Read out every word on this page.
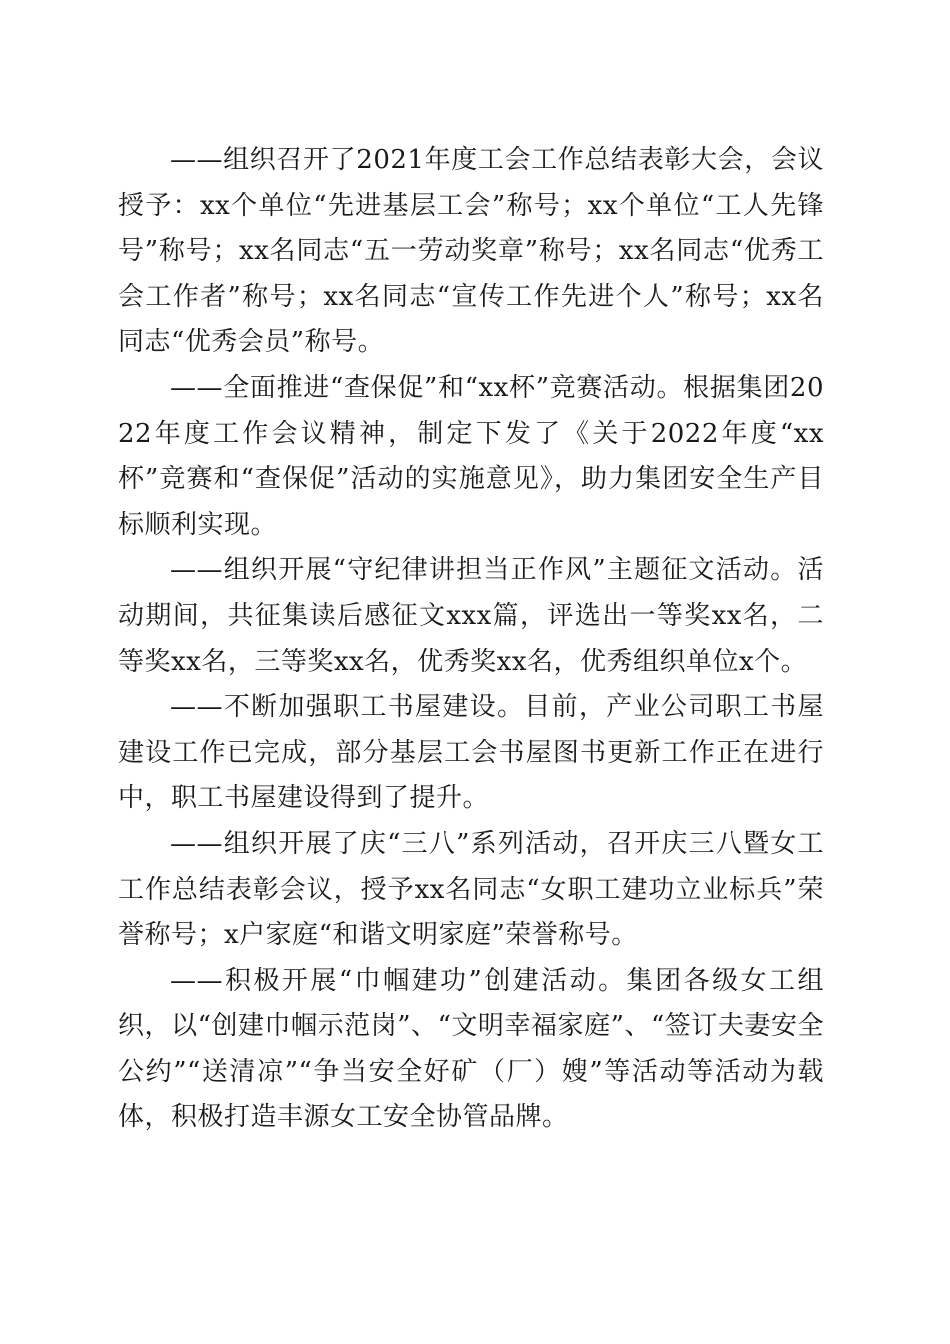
——组织召开了2021年度工会工作总结表彰大会，会议授予：xx个单位“先进基层工会”称号；xx个单位“工人先锋号”称号；xx名同志“五一劳动奖章”称号；xx名同志“优秀工会工作者”称号；xx名同志“宣传工作先进个人”称号；xx名同志“优秀会员”称号。

——全面推进“查保促”和“xx杯”竞赛活动。根据集团2022年度工作会议精神，制定下发了《关于2022年度“xx杯”竞赛和“查保促”活动的实施意见》，助力集团安全生产目标顺利实现。

——组织开展“守纪律讲担当正作风”主题征文活动。活动期间，共征集读后感征文xxx篇，评选出一等奖xx名，二等奖xx名，三等奖xx名，优秀奖xx名，优秀组织单位x个。

——不断加强职工书屋建设。目前，产业公司职工书屋建设工作已完成，部分基层工会书屋图书更新工作正在进行中，职工书屋建设得到了提升。

——组织开展了庆“三八”系列活动，召开庆三八暨女工工作总结表彰会议，授予xx名同志“女职工建功立业标兵”荣誉称号；x户家庭“和谐文明家庭”荣誉称号。

——积极开展“巾帼建功”创建活动。集团各级女工组织，以“创建巾帼示范岗”、“文明幸福家庭”、“签订夫妻安全公约”“送清凉”“争当安全好矿（厂）嫂”等活动等活动为载体，积极打造丰源女工安全协管品牌。
